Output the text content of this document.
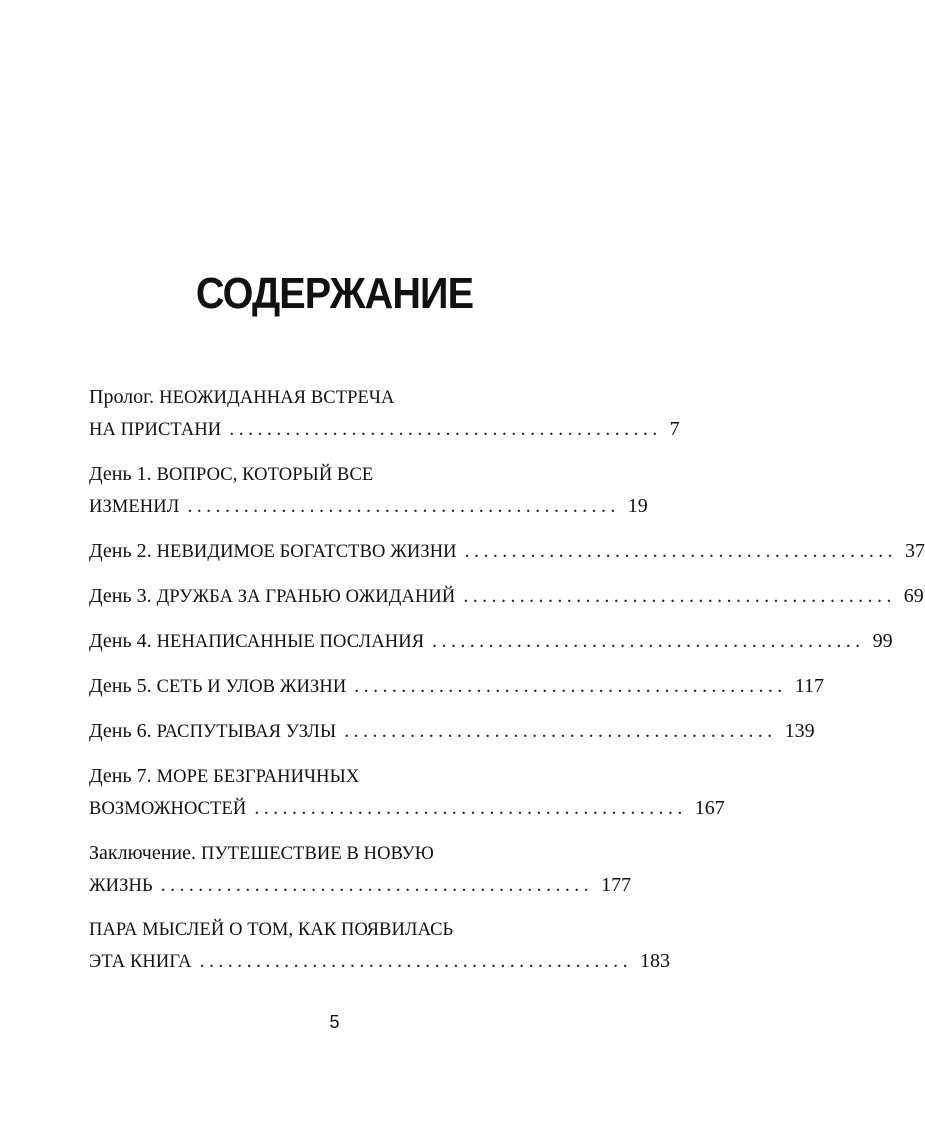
СОДЕРЖАНИЕ
Пролог.
НЕОЖИДАННАЯ ВСТРЕЧА
НА ПРИСТАНИ .............................................. 7
День 1.
ВОПРОС, КОТОРЫЙ ВСЕ
ИЗМЕНИЛ .............................................. 19
День 2.
НЕВИДИМОЕ БОГАТСТВО ЖИЗНИ .............................................. 37
День 3.
ДРУЖБА ЗА ГРАНЬЮ ОЖИДАНИЙ .............................................. 69
День 4.
НЕНАПИСАННЫЕ ПОСЛАНИЯ .............................................. 99
День 5.
СЕТЬ И УЛОВ ЖИЗНИ .............................................. 117
День 6.
РАСПУТЫВАЯ УЗЛЫ .............................................. 139
День 7.
МОРЕ БЕЗГРАНИЧНЫХ
ВОЗМОЖНОСТЕЙ .............................................. 167
Заключение.
ПУТЕШЕСТВИЕ В НОВУЮ
ЖИЗНЬ .............................................. 177
ПАРА МЫСЛЕЙ О ТОМ, КАК ПОЯВИЛАСЬ
ЭТА КНИГА .............................................. 183
5
